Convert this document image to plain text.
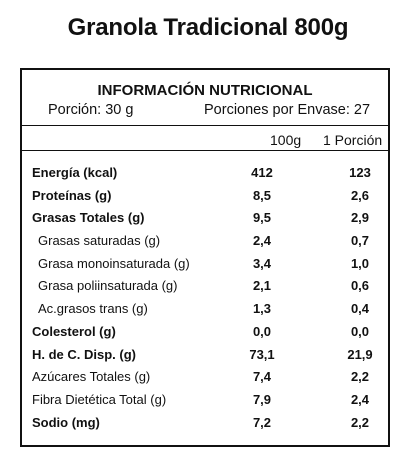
Granola Tradicional 800g
INFORMACIÓN NUTRICIONAL
Porción: 30 g	Porciones por Envase: 27
100g 1 Porción
Energía (kcal)	412	123
Proteínas (g)	8,5	2,6
Grasas Totales (g)	9,5	2,9
Grasas saturadas (g)	2,4	0,7
Grasa monoinsaturada (g)	3,4	1,0
Grasa poliinsaturada (g)	2,1	0,6
Ac.grasos trans (g)	1,3	0,4
Colesterol (g)	0,0	0,0
H. de C. Disp. (g)	73,1	21,9
Azúcares Totales (g)	7,4	2,2
Fibra Dietética Total (g)	7,9	2,4
Sodio (mg)	7,2	2,2
